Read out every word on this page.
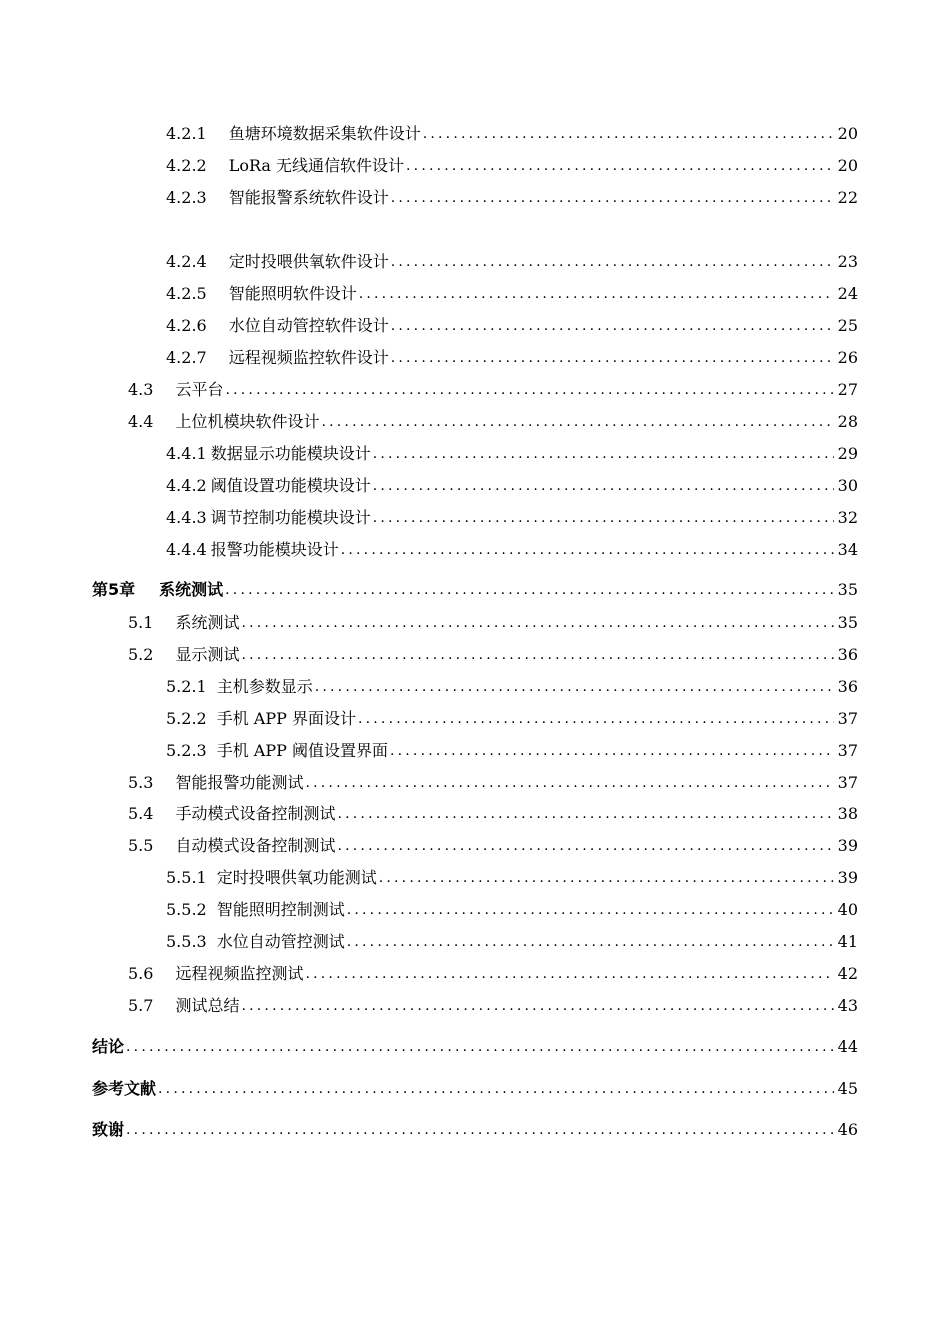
4.2.1 鱼塘环境数据采集软件设计 .....	20
4.2.2 LoRa 无线通信软件设计 .....	20
4.2.3 智能报警系统软件设计 .....	22
4.2.4 定时投喂供氧软件设计 .....	23
4.2.5 智能照明软件设计 .....	24
4.2.6 水位自动管控软件设计 .....	25
4.2.7 远程视频监控软件设计 .....	26
4.3 云平台 .....	27
4.4 上位机模块软件设计 .....	28
4.4.1 数据显示功能模块设计 .....	29
4.4.2 阈值设置功能模块设计 .....	30
4.4.3 调节控制功能模块设计 .....	32
4.4.4 报警功能模块设计 .....	34
第5章 系统测试 .....	35
5.1 系统测试 .....	35
5.2 显示测试 .....	36
5.2.1 主机参数显示 .....	36
5.2.2 手机 APP 界面设计 .....	37
5.2.3 手机 APP 阈值设置界面 .....	37
5.3 智能报警功能测试 .....	37
5.4 手动模式设备控制测试 .....	38
5.5 自动模式设备控制测试 .....	39
5.5.1 定时投喂供氧功能测试 .....	39
5.5.2 智能照明控制测试 .....	40
5.5.3 水位自动管控测试 .....	41
5.6 远程视频监控测试 .....	42
5.7 测试总结 .....	43
结论 .....	44
参考文献 .....	45
致谢 .....	46
